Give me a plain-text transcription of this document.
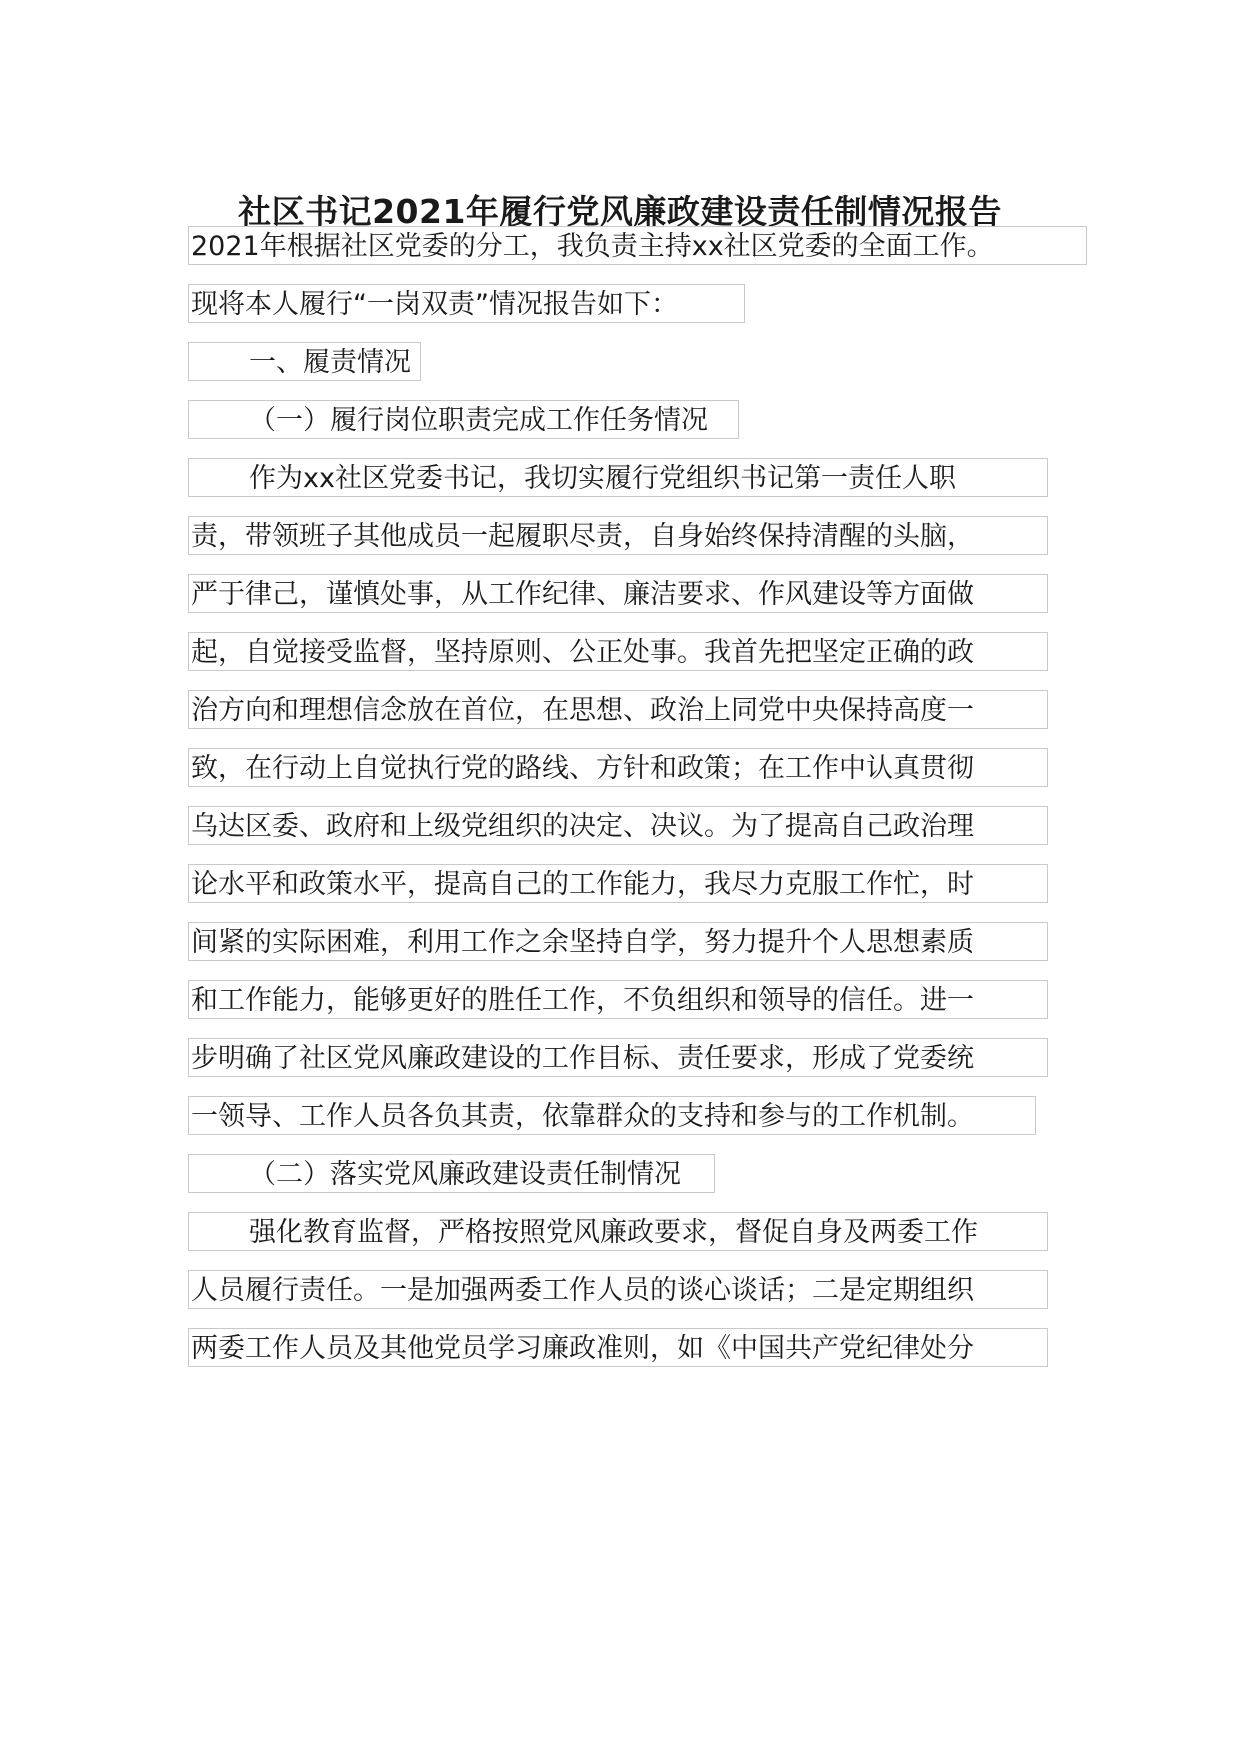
社区书记2021年履行党风廉政建设责任制情况报告
2021年根据社区党委的分工，我负责主持xx社区党委的全面工作。
现将本人履行“一岗双责”情况报告如下：
一、履责情况
（一）履行岗位职责完成工作任务情况
作为xx社区党委书记，我切实履行党组织书记第一责任人职
责，带领班子其他成员一起履职尽责，自身始终保持清醒的头脑，
严于律己，谨慎处事，从工作纪律、廉洁要求、作风建设等方面做
起，自觉接受监督，坚持原则、公正处事。我首先把坚定正确的政
治方向和理想信念放在首位，在思想、政治上同党中央保持高度一
致，在行动上自觉执行党的路线、方针和政策；在工作中认真贯彻
乌达区委、政府和上级党组织的决定、决议。为了提高自己政治理
论水平和政策水平，提高自己的工作能力，我尽力克服工作忙，时
间紧的实际困难，利用工作之余坚持自学，努力提升个人思想素质
和工作能力，能够更好的胜任工作，不负组织和领导的信任。进一
步明确了社区党风廉政建设的工作目标、责任要求，形成了党委统
一领导、工作人员各负其责，依靠群众的支持和参与的工作机制。
（二）落实党风廉政建设责任制情况
强化教育监督，严格按照党风廉政要求，督促自身及两委工作
人员履行责任。一是加强两委工作人员的谈心谈话；二是定期组织
两委工作人员及其他党员学习廉政准则，如《中国共产党纪律处分
